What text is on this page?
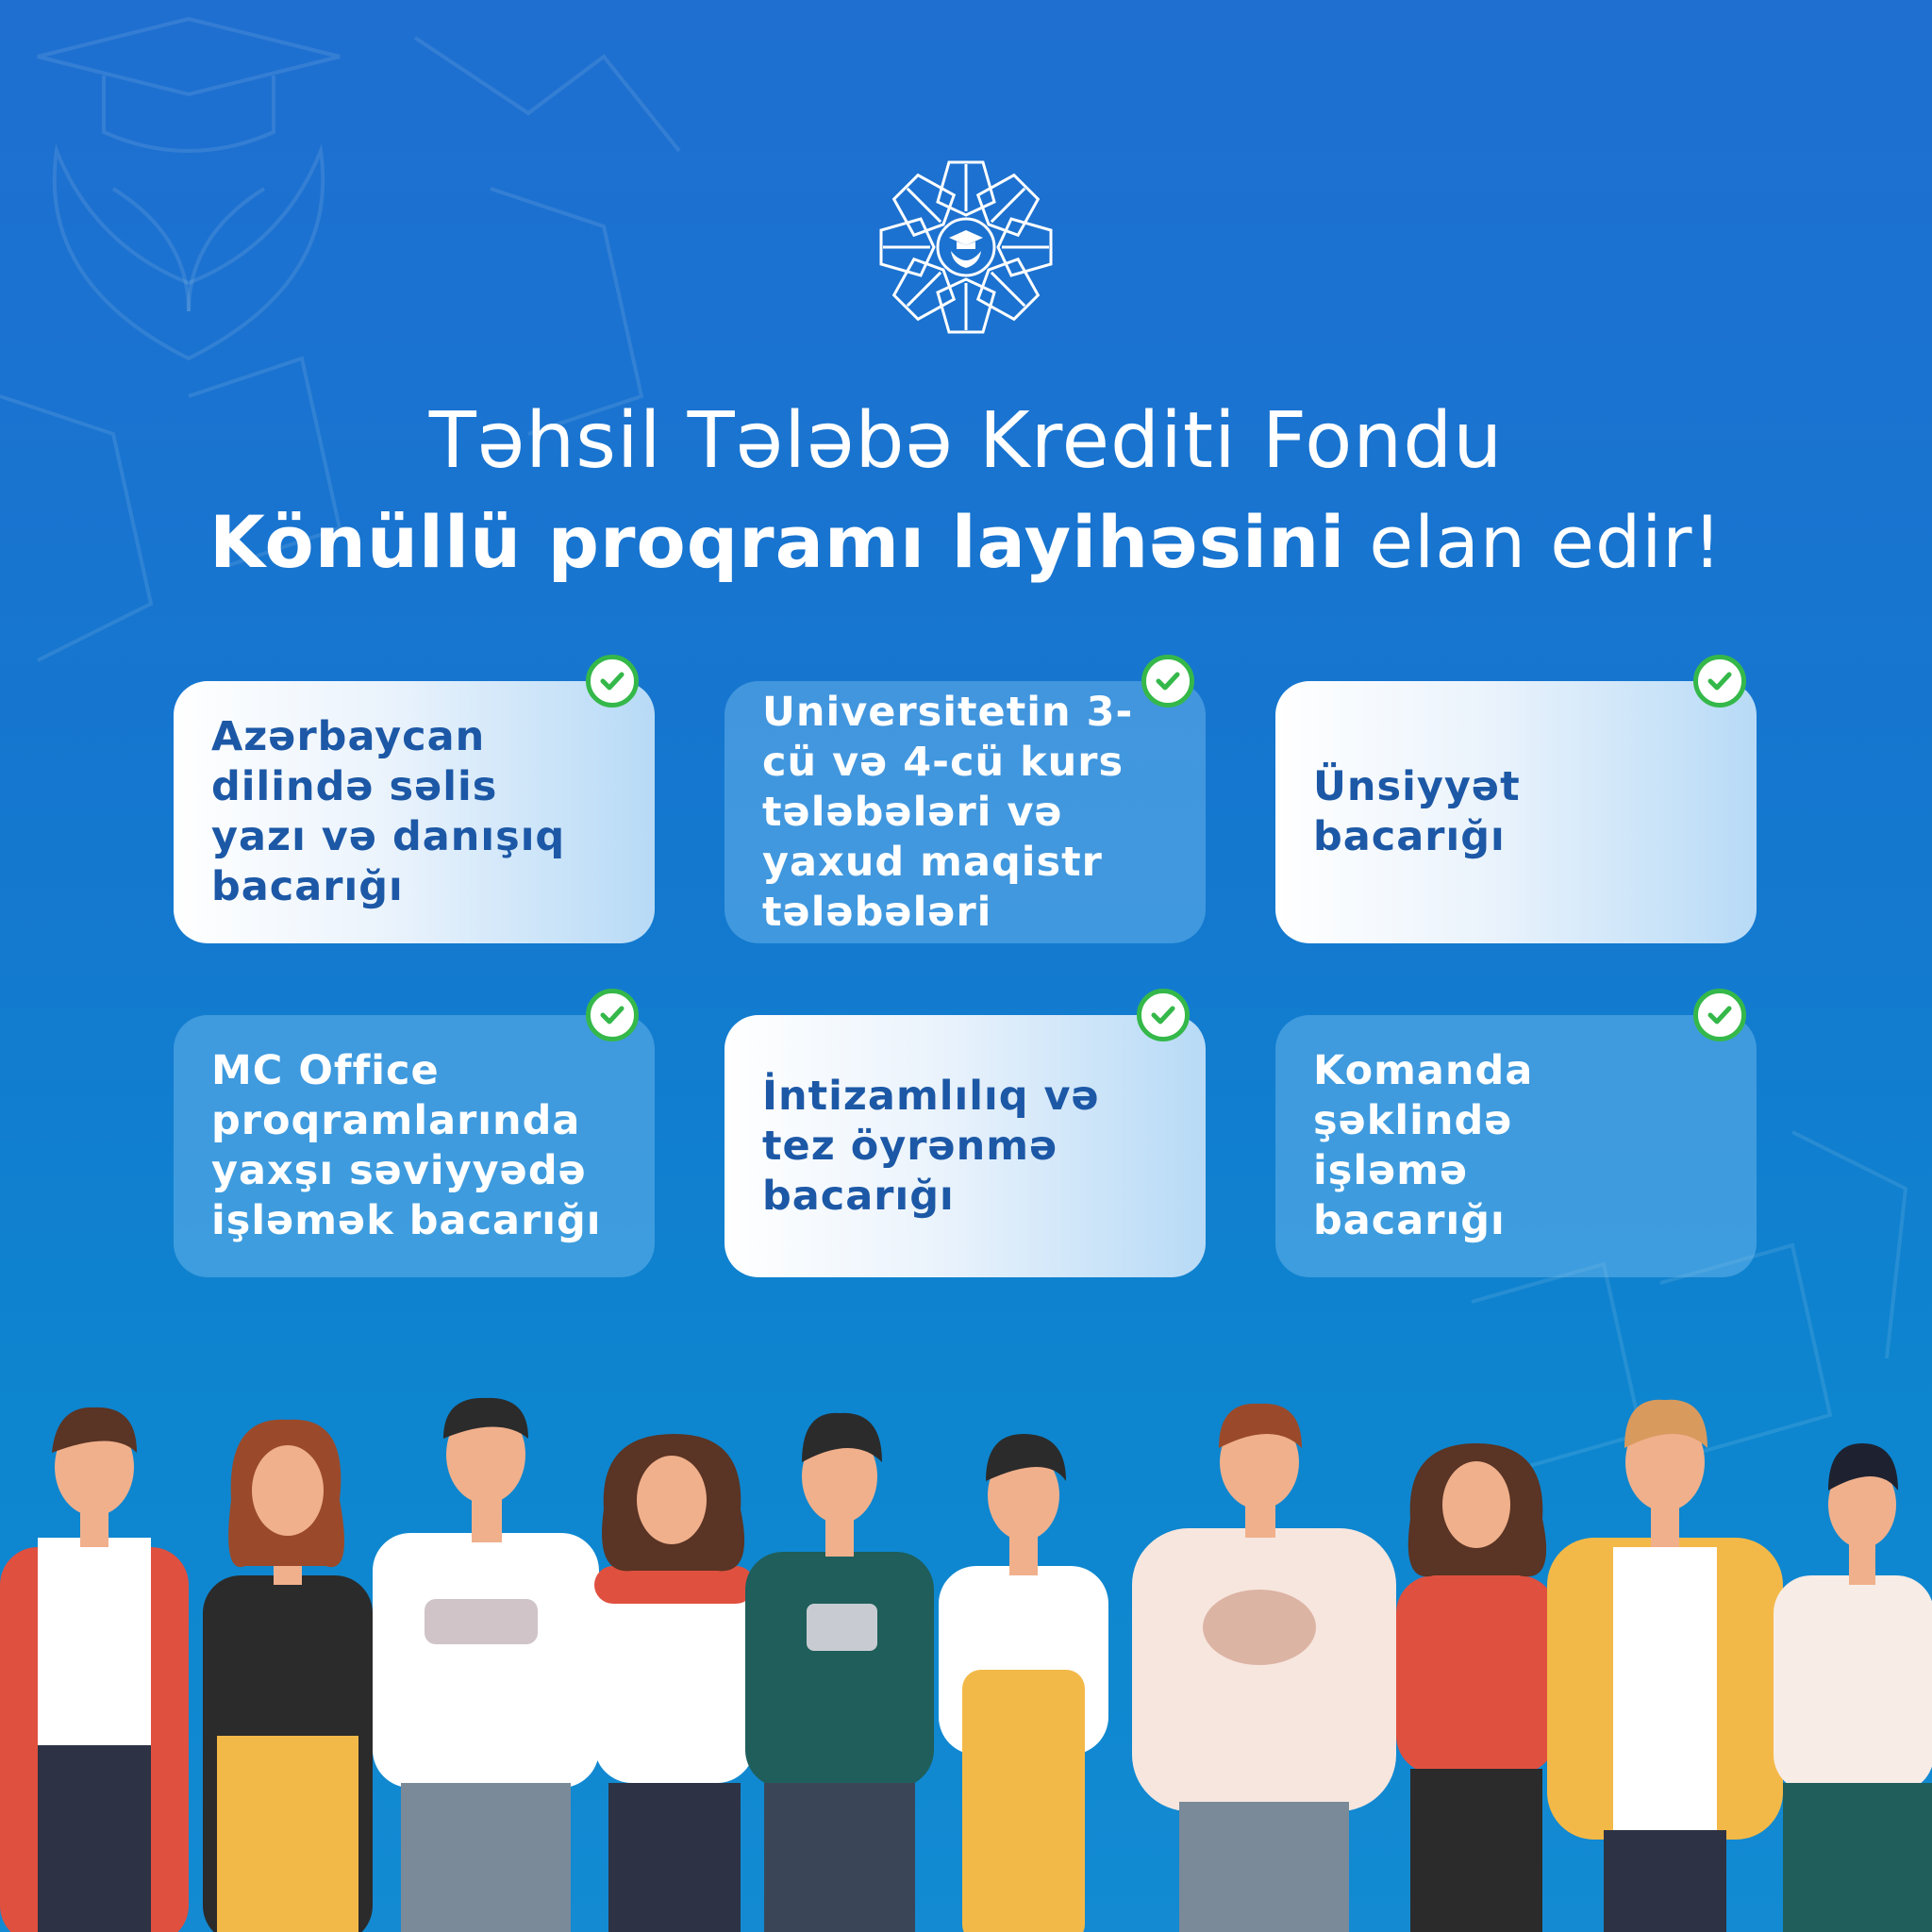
Təhsil Tələbə Krediti Fondu
Könüllü proqramı layihəsini elan edir!
Azərbaycan dilində səlis yazı və danışıq bacarığı
Universitetin 3-cü və 4-cü kurs tələbələri və yaxud maqistr tələbələri
Ünsiyyət bacarığı
MC Office proqramlarında yaxşı səviyyədə işləmək bacarığı
İntizamlılıq və tez öyrənmə bacarığı
Komanda şəklində işləmə bacarığı
